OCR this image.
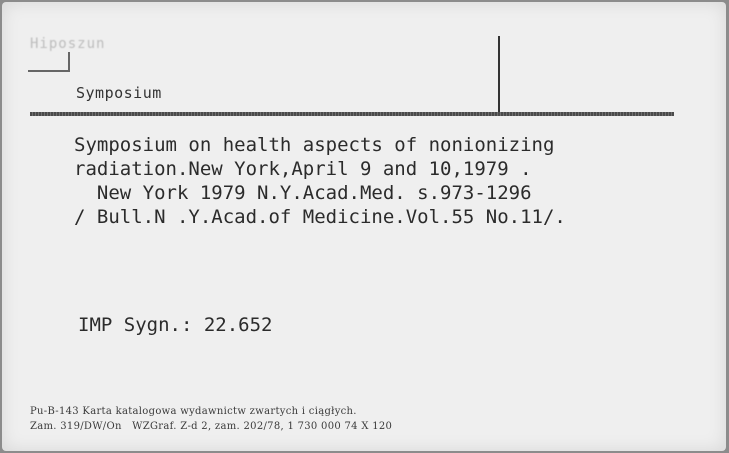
Hiposzun
Symposium
Symposium on health aspects of nonionizing
radiation.New York,April 9 and 10,1979 .
New York 1979 N.Y.Acad.Med. s.973-1296
/ Bull.N .Y.Acad.of Medicine.Vol.55 No.11/.
IMP Sygn.: 22.652
Pu-B-143 Karta katalogowa wydawnictw zwartych i ciągłych.
Zam. 319/DW/On   WZGraf. Z-d 2, zam. 202/78, 1 730 000 74 X 120
